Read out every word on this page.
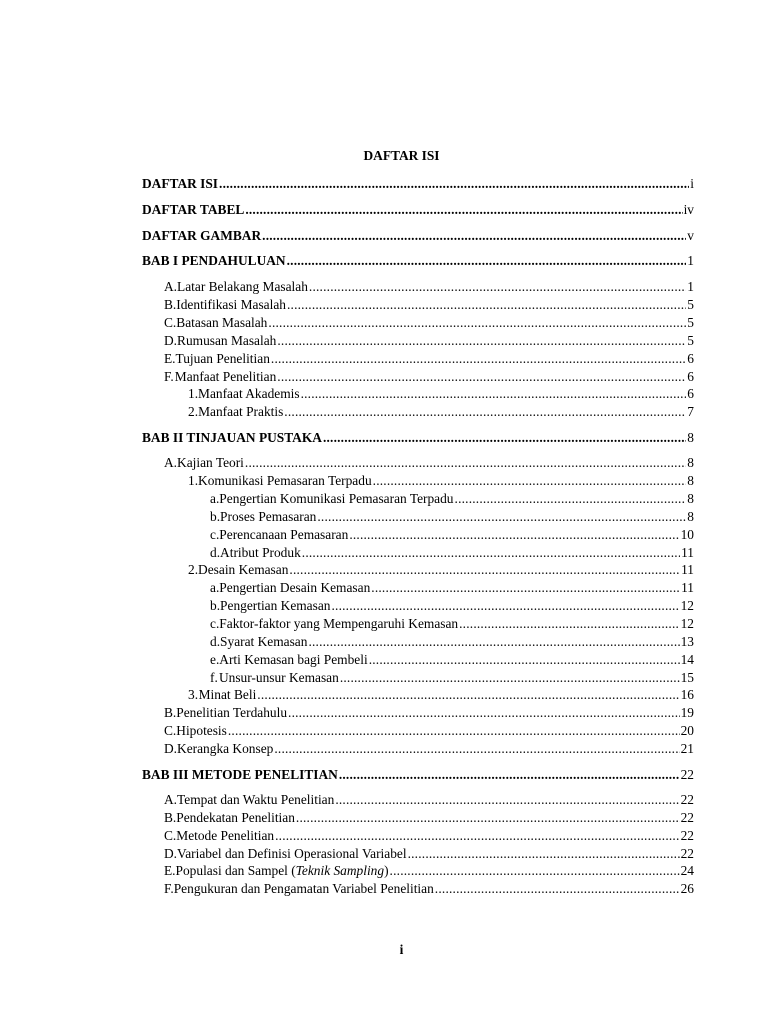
DAFTAR ISI
DAFTAR ISI .....	i
DAFTAR TABEL .....	iv
DAFTAR GAMBAR .....	v
BAB I PENDAHULUAN .....	1
A. Latar Belakang Masalah .....	1
B. Identifikasi Masalah .....	5
C. Batasan Masalah .....	5
D. Rumusan Masalah .....	5
E. Tujuan Penelitian .....	6
F. Manfaat Penelitian .....	6
1. Manfaat Akademis .....	6
2. Manfaat Praktis .....	7
BAB II TINJAUAN PUSTAKA .....	8
A. Kajian Teori .....	8
1. Komunikasi Pemasaran Terpadu .....	8
a. Pengertian Komunikasi Pemasaran Terpadu .....	8
b. Proses Pemasaran .....	8
c. Perencanaan Pemasaran .....	10
d. Atribut Produk .....	11
2. Desain Kemasan .....	11
a. Pengertian Desain Kemasan .....	11
b. Pengertian Kemasan .....	12
c. Faktor-faktor yang Mempengaruhi Kemasan .....	12
d. Syarat Kemasan .....	13
e. Arti Kemasan bagi Pembeli .....	14
f. Unsur-unsur Kemasan .....	15
3. Minat Beli .....	16
B. Penelitian Terdahulu .....	19
C. Hipotesis .....	20
D. Kerangka Konsep .....	21
BAB III METODE PENELITIAN .....	22
A. Tempat dan Waktu Penelitian .....	22
B. Pendekatan Penelitian .....	22
C. Metode Penelitian .....	22
D. Variabel dan Definisi Operasional Variabel .....	22
E. Populasi dan Sampel (Teknik Sampling) .....	24
F. Pengukuran dan Pengamatan Variabel Penelitian .....	26
i
